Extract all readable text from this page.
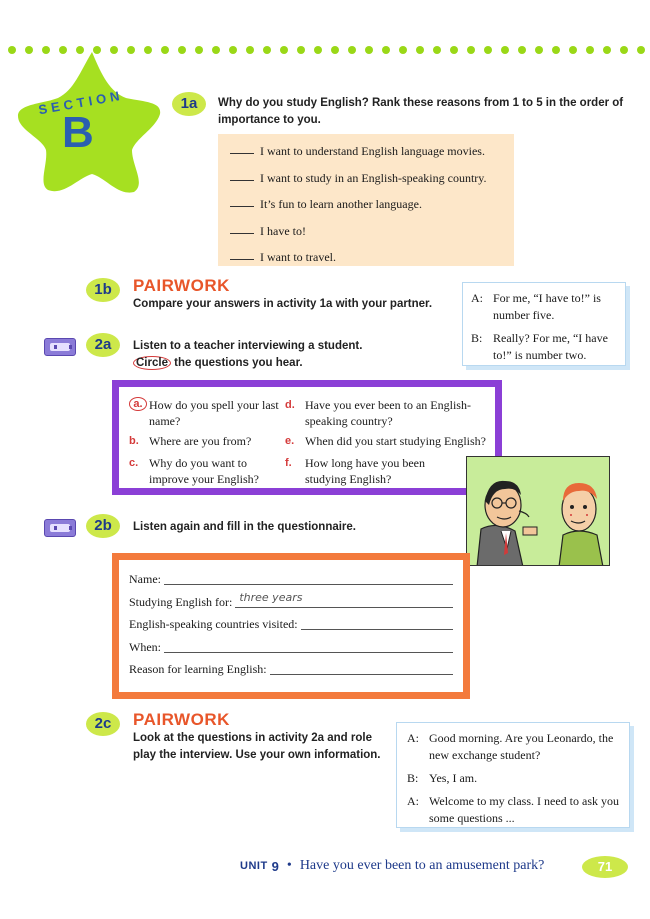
SECTION
B
1a	Why do you study English? Rank these reasons from 1 to 5 in the order of importance to you.
I want to understand English language movies.
I want to study in an English-speaking country.
It’s fun to learn another language.
I have to!
I want to travel.
1b	PAIRWORK
Compare your answers in activity 1a with your partner.	A: For me, “I have to!” is number five.
B: Really? For me, “I have to!” is number two.
2a	Listen to a teacher interviewing a student.
Circle the questions you hear.
a. How do you spell your last name?
b. Where are you from?
c. Why do you want to improve your English?
d. Have you ever been to an English-speaking country?
e. When did you start studying English?
f.	How long have you been studying English?
2b	Listen again and fill in the questionnaire.
Name:
Studying English for: three years
English-speaking countries visited:
When:
Reason for learning English:
2c	PAIRWORK
Look at the questions in activity 2a and role play the interview. Use your own information.
A: Good morning. Are you Leonardo, the new exchange student?
B: Yes, I am.
A: Welcome to my class. I need to ask you some questions ...
UNIT 9 • Have you ever been to an amusement park?	71
